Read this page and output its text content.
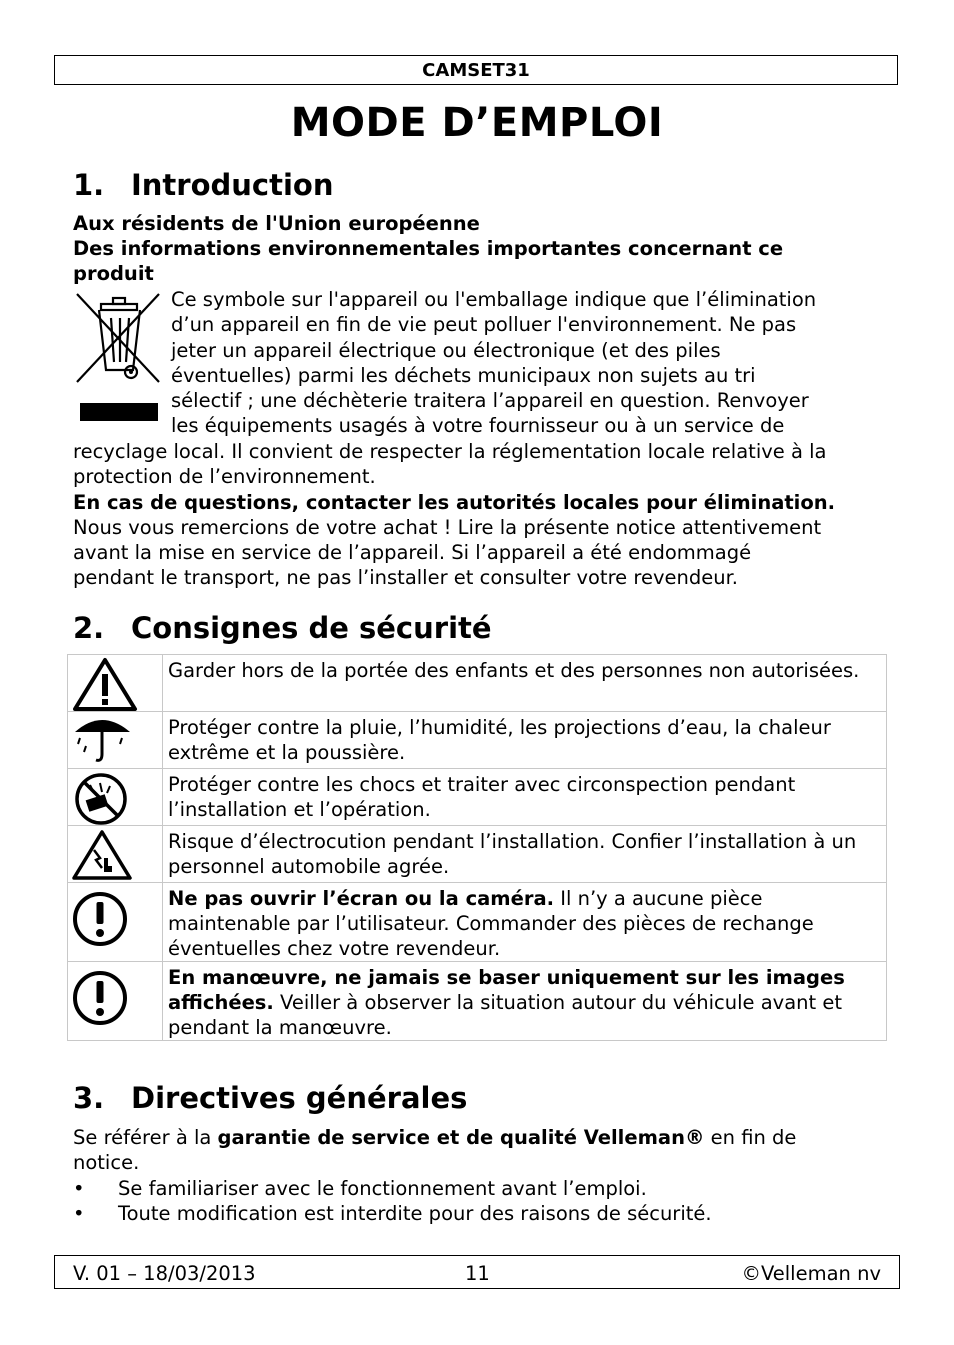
CAMSET31
MODE D’EMPLOI
1. Introduction
Aux résidents de l'Union européenne
Des informations environnementales importantes concernant ce
produit
Ce symbole sur l'appareil ou l'emballage indique que l’élimination
d’un appareil en fin de vie peut polluer l'environnement. Ne pas
jeter un appareil électrique ou électronique (et des piles
éventuelles) parmi les déchets municipaux non sujets au tri
sélectif ; une déchèterie traitera l’appareil en question. Renvoyer
les équipements usagés à votre fournisseur ou à un service de
recyclage local. Il convient de respecter la réglementation locale relative à la
protection de l’environnement.
En cas de questions, contacter les autorités locales pour élimination.
Nous vous remercions de votre achat ! Lire la présente notice attentivement
avant la mise en service de l’appareil. Si l’appareil a été endommagé
pendant le transport, ne pas l’installer et consulter votre revendeur.
2. Consignes de sécurité
	Garder hors de la portée des enfants et des personnes non autorisées.

	Protéger contre la pluie, l’humidité, les projections d’eau, la chaleur extrême et la poussière.

	Protéger contre les chocs et traiter avec circonspection pendant l’installation et l’opération.

	Risque d’électrocution pendant l’installation. Confier l’installation à un personnel automobile agrée.

	Ne pas ouvrir l’écran ou la caméra. Il n’y a aucune pièce maintenable par l’utilisateur. Commander des pièces de rechange éventuelles chez votre revendeur.

	En manœuvre, ne jamais se baser uniquement sur les images affichées. Veiller à observer la situation autour du véhicule avant et pendant la manœuvre.
3. Directives générales
Se référer à la garantie de service et de qualité Velleman® en fin de
notice.
• Se familiariser avec le fonctionnement avant l’emploi.
• Toute modification est interdite pour des raisons de sécurité.
V. 01 – 18/03/2013	11	©Velleman nv
